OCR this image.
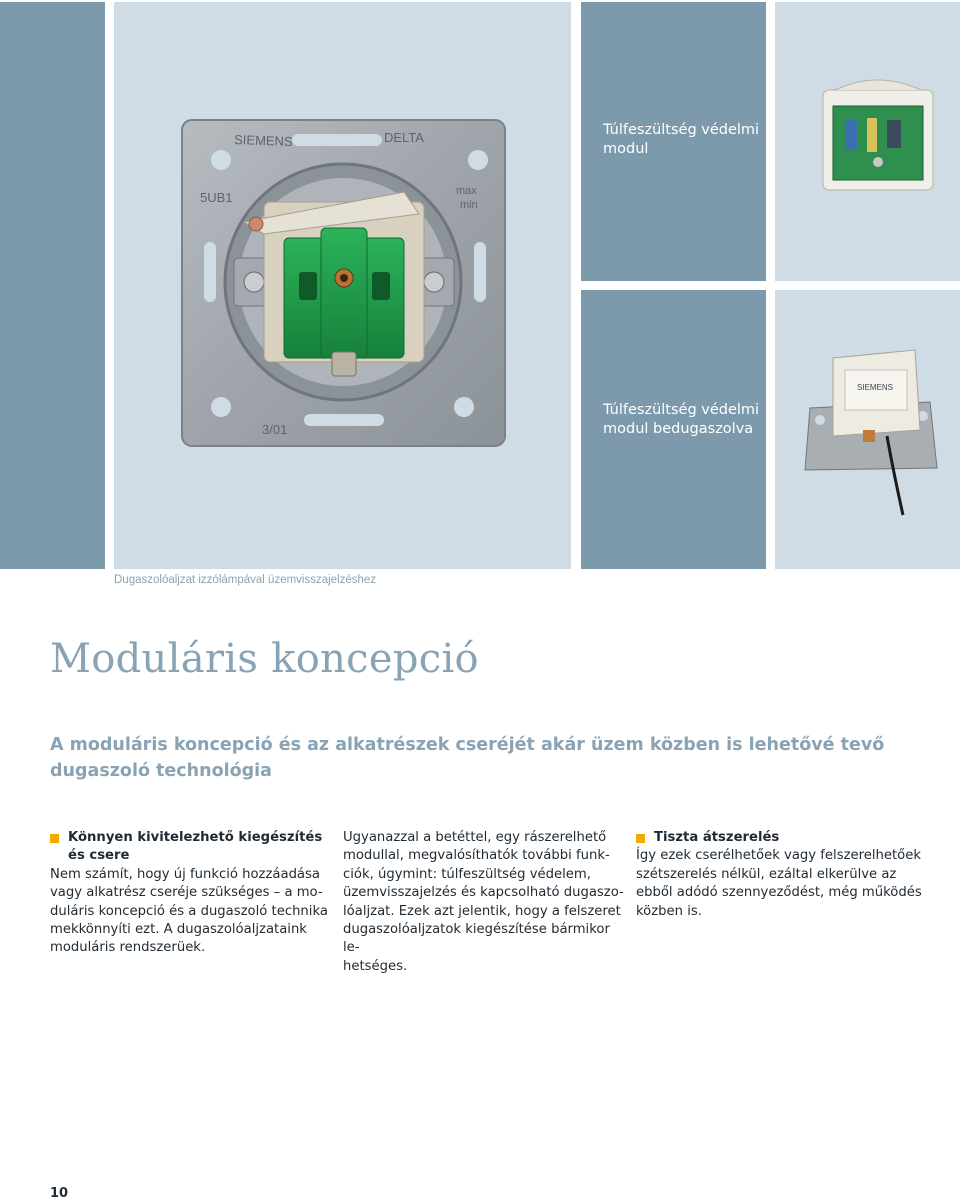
SIEMENS	DELTA
5UB1	max
min
3/01
SIEMENS
Túlfeszültség védelmi
modul
Túlfeszültség védelmi
modul bedugaszolva
Dugaszolóaljzat izzólámpával üzemvisszajelzéshez
Moduláris koncepció
A moduláris koncepció és az alkatrészek cseréjét akár üzem közben is lehetővé tevő dugaszoló technológia
Könnyen kivitelezhető kiegészítés
és csere
Nem számít, hogy új funkció hozzáadása
vagy alkatrész cseréje szükséges – a mo-
duláris koncepció és a dugaszoló technika
mekkönnyíti ezt. A dugaszolóaljzataink
moduláris rendszerüek.
Ugyanazzal a betéttel, egy rászerelhető
modullal, megvalósíthatók további funk-
ciók, úgymint: túlfeszültség védelem,
üzemvisszajelzés és kapcsolható dugaszo-
lóaljzat. Ezek azt jelentik, hogy a felszeret
dugaszolóaljzatok kiegészítése bármikor le-
hetséges.
Tiszta átszerelés
Így ezek cserélhetőek vagy felszerelhetőek
szétszerelés nélkül, ezáltal elkerülve az
ebből adódó szennyeződést, még működés
közben is.
10
